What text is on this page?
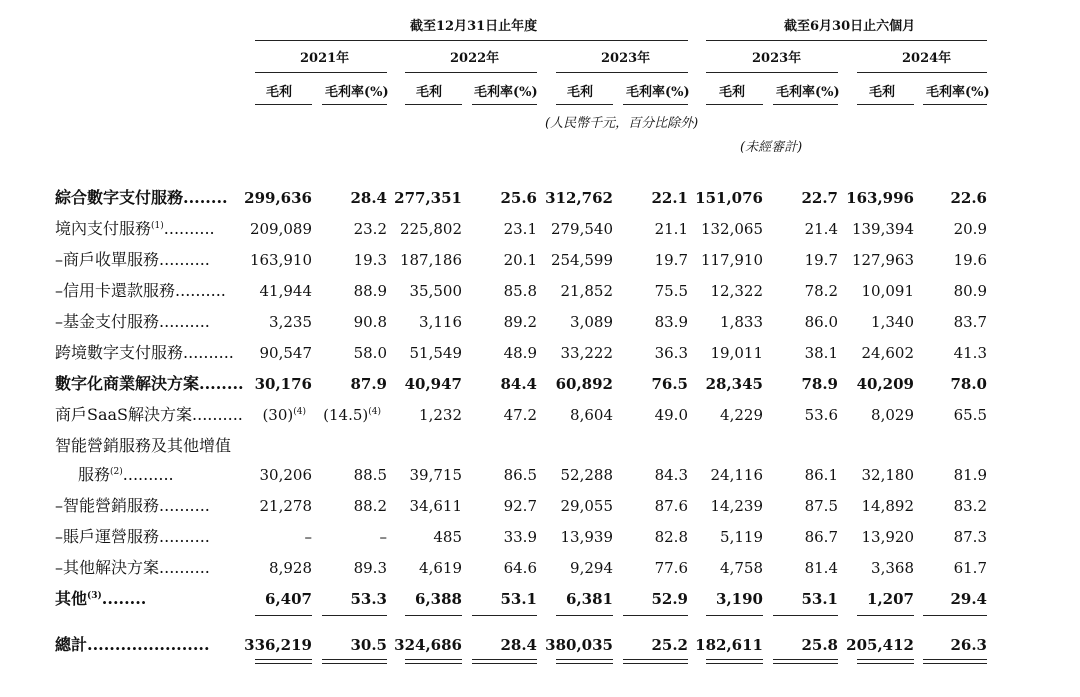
截至12月31日止年度	截至6月30日止六個月
2021年	2022年	2023年	2023年	2024年
毛利	毛利率(%) 毛利 毛利率(%) 毛利	毛利率(%) 毛利 毛利率(%) 毛利 毛利率(%)
(人民幣千元，百分比除外)
(未經審計)
綜合數字支付服務........ 299,636	28.4 277,351	25.6 312,762	22.1 151,076	22.7 163,996 22.6
境內支付服務$^{(1)}$.......... 209,089	23.2 225,802	23.1 279,540	21.1 132,065	21.4 139,394	20.9
–商戶收單服務..........	163,910	19.3 187,186	20.1 254,599	19.7 117,910	19.7 127,963	19.6
–信用卡還款服務.......... 41,944	88.9 35,500	85.8 21,852	75.5 12,322	78.2 10,091	80.9
–基金支付服務..........	3,235	90.8 3,116	89.2 3,089	83.9 1,833	86.0 1,340	83.7
跨境數字支付服務.......... 90,547	58.0 51,549	48.9 33,222	36.3 19,011	38.1 24,602	41.3
數字化商業解決方案........ 30,176	87.9 40,947	84.4 60,892	76.5 28,345	78.9 40,209 78.0
商戶SaaS解決方案.......... $(30)^{(4)}$ $(14.5)^{(4)}$	1,232	47.2 8,604	49.0 4,229	53.6 8,029	65.5
智能營銷服務及其他增值
服務$^{(2)}$..........	30,206	88.5 39,715	86.5 52,288	84.3 24,116	86.1 32,180	81.9
–智能營銷服務..........	21,278	88.2 34,611	92.7 29,055	87.6 14,239	87.5 14,892	83.2
–賬戶運營服務..........	–	–	485	33.9 13,939	82.8 5,119	86.7 13,920	87.3
–其他解決方案..........	8,928	89.3 4,619	64.6 9,294	77.6 4,758	81.4 3,368	61.7
其他$^{(3)}$........	6,407	53.3 6,388	53.1 6,381	52.9 3,190	53.1 1,207 29.4
總計...................... 336,219	30.5 324,686	28.4 380,035	25.2 182,611	25.8 205,412 26.3
